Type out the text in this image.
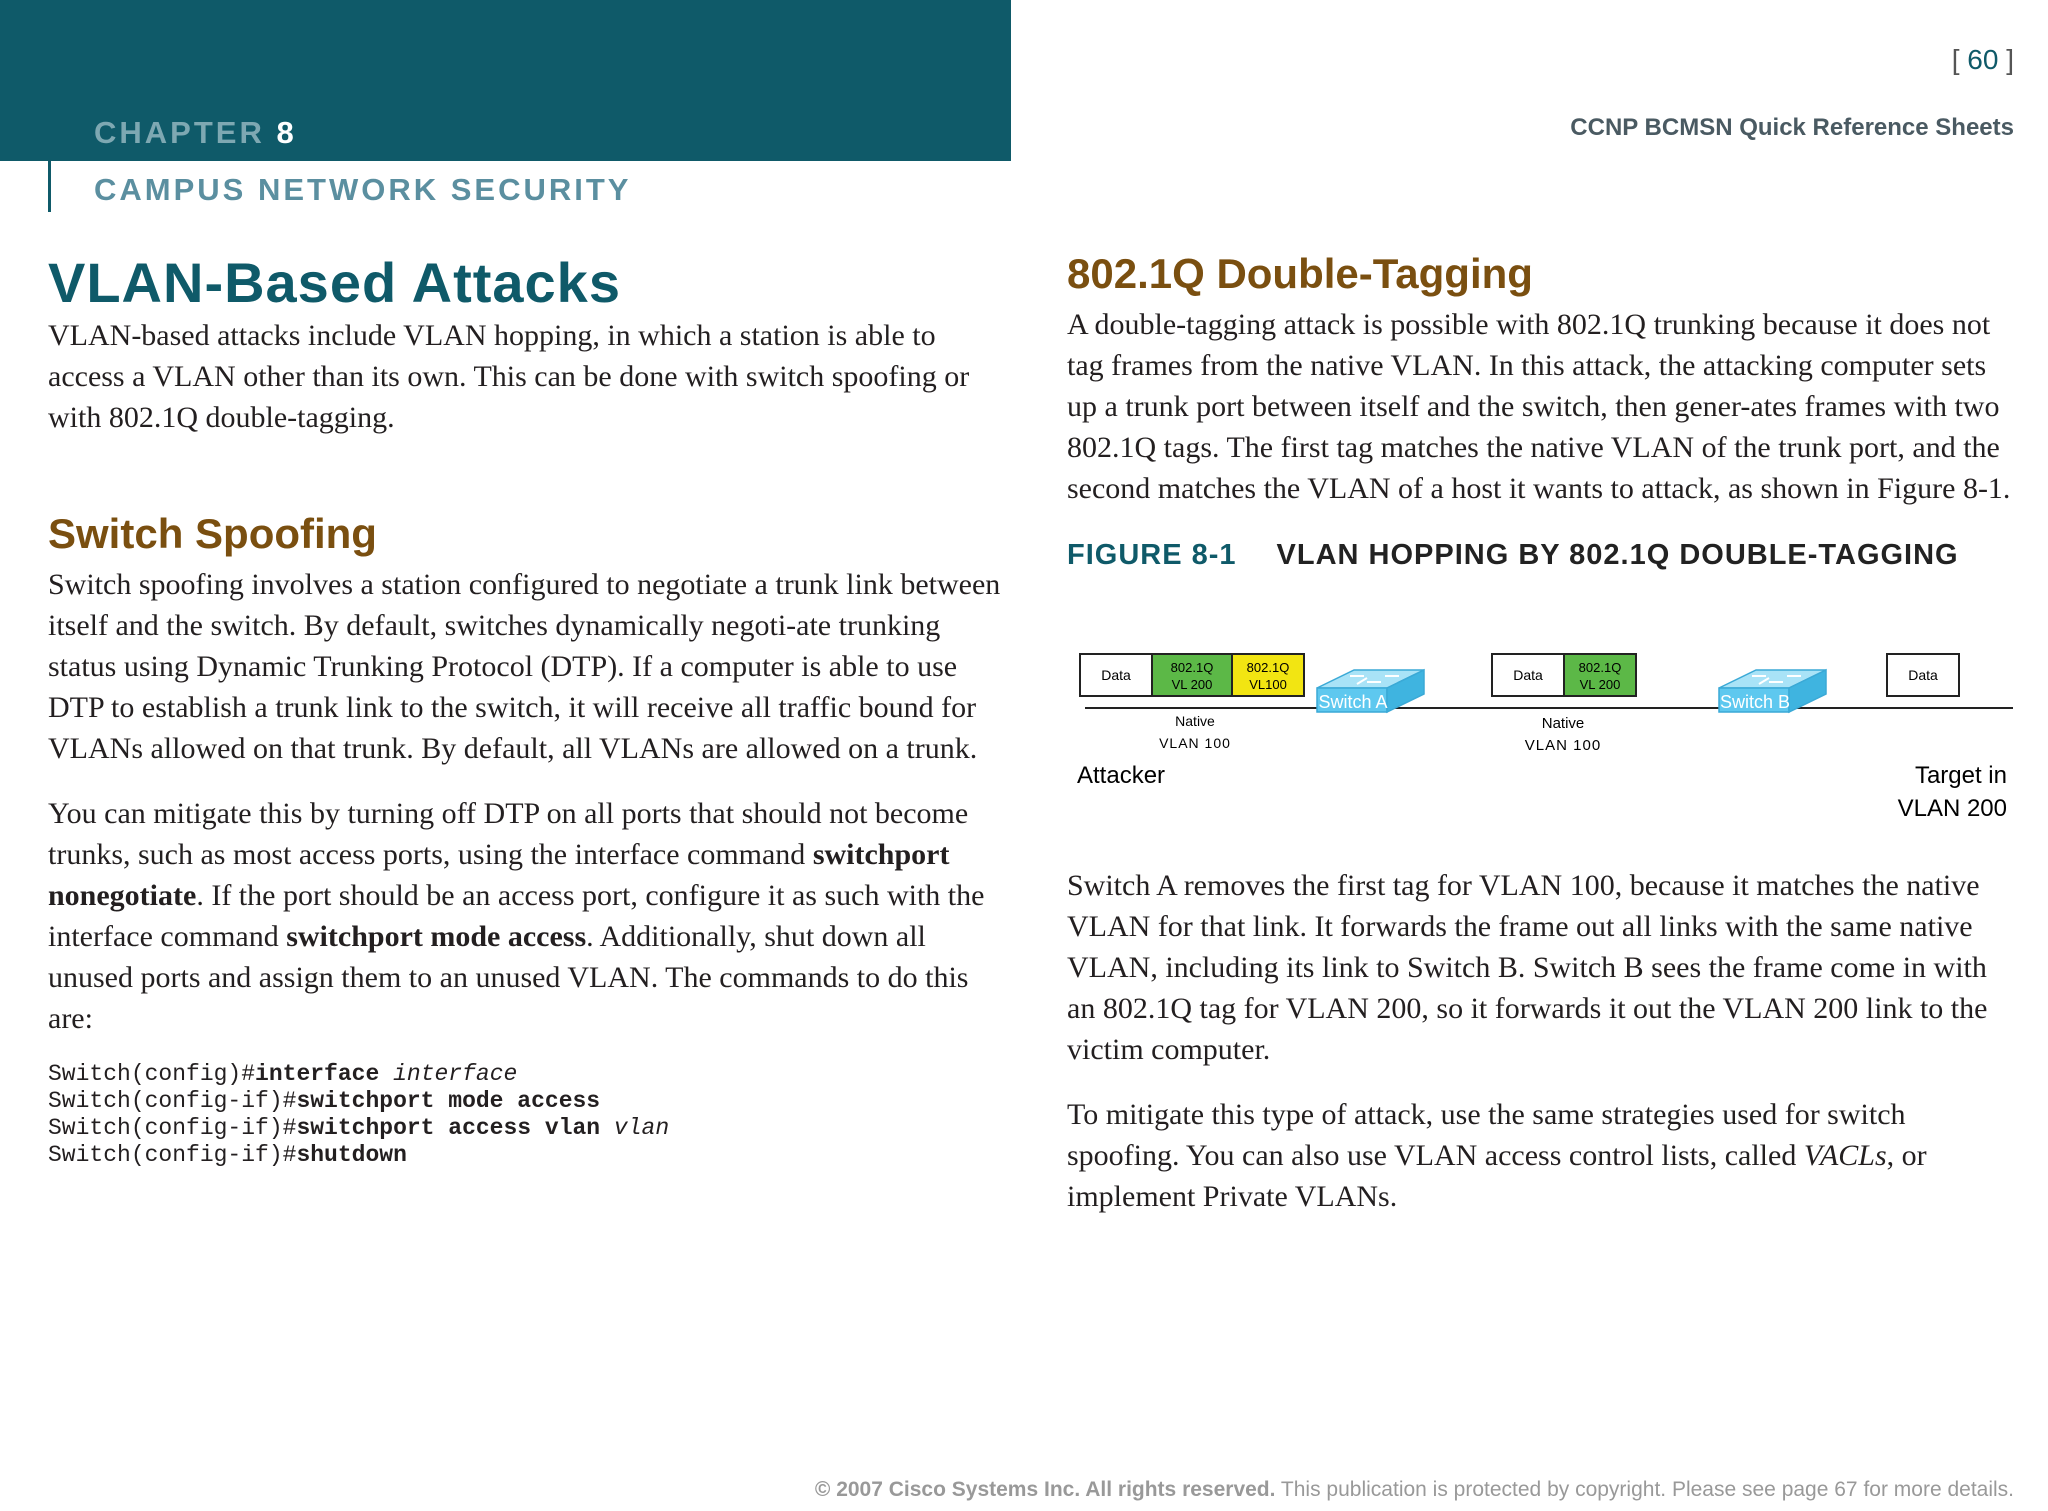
CHAPTER 8
CAMPUS NETWORK SECURITY
[ 60 ]
CCNP BCMSN Quick Reference Sheets
VLAN-Based Attacks

VLAN-based attacks include VLAN hopping, in which a station is able to access a VLAN other than its own. This can be done with switch spoofing or with 802.1Q double-tagging.

Switch Spoofing

Switch spoofing involves a station configured to negotiate a trunk link between itself and the switch. By default, switches dynamically negoti-ate trunking status using Dynamic Trunking Protocol (DTP). If a computer is able to use DTP to establish a trunk link to the switch, it will receive all traffic bound for VLANs allowed on that trunk. By default, all VLANs are allowed on a trunk.

You can mitigate this by turning off DTP on all ports that should not become trunks, such as most access ports, using the interface command switchport nonegotiate. If the port should be an access port, configure it as such with the interface command switchport mode access. Additionally, shut down all unused ports and assign them to an unused VLAN. The commands to do this are:

Switch(config)#interface interface
Switch(config-if)#switchport mode access
Switch(config-if)#switchport access vlan vlan
Switch(config-if)#shutdown
802.1Q Double-Tagging

A double-tagging attack is possible with 802.1Q trunking because it does not tag frames from the native VLAN. In this attack, the attacking computer sets up a trunk port between itself and the switch, then gener-ates frames with two 802.1Q tags. The first tag matches the native VLAN of the trunk port, and the second matches the VLAN of a host it wants to attack, as shown in Figure 8-1.

FIGURE 8-1 VLAN HOPPING BY 802.1Q DOUBLE-TAGGING
Data	802.1Q
VL 200
802.1Q
VL100
Native
VLAN 100
Switch A
Data	802.1Q
VL 200
Native
VLAN 100
Switch B
Data
Attacker	Target in
VLAN 200

Switch A removes the first tag for VLAN 100, because it matches the native VLAN for that link. It forwards the frame out all links with the same native VLAN, including its link to Switch B. Switch B sees the frame come in with an 802.1Q tag for VLAN 200, so it forwards it out the VLAN 200 link to the victim computer.

To mitigate this type of attack, use the same strategies used for switch spoofing. You can also use VLAN access control lists, called VACLs, or implement Private VLANs.

© 2007 Cisco Systems Inc. All rights reserved. This publication is protected by copyright. Please see page 67 for more details.
